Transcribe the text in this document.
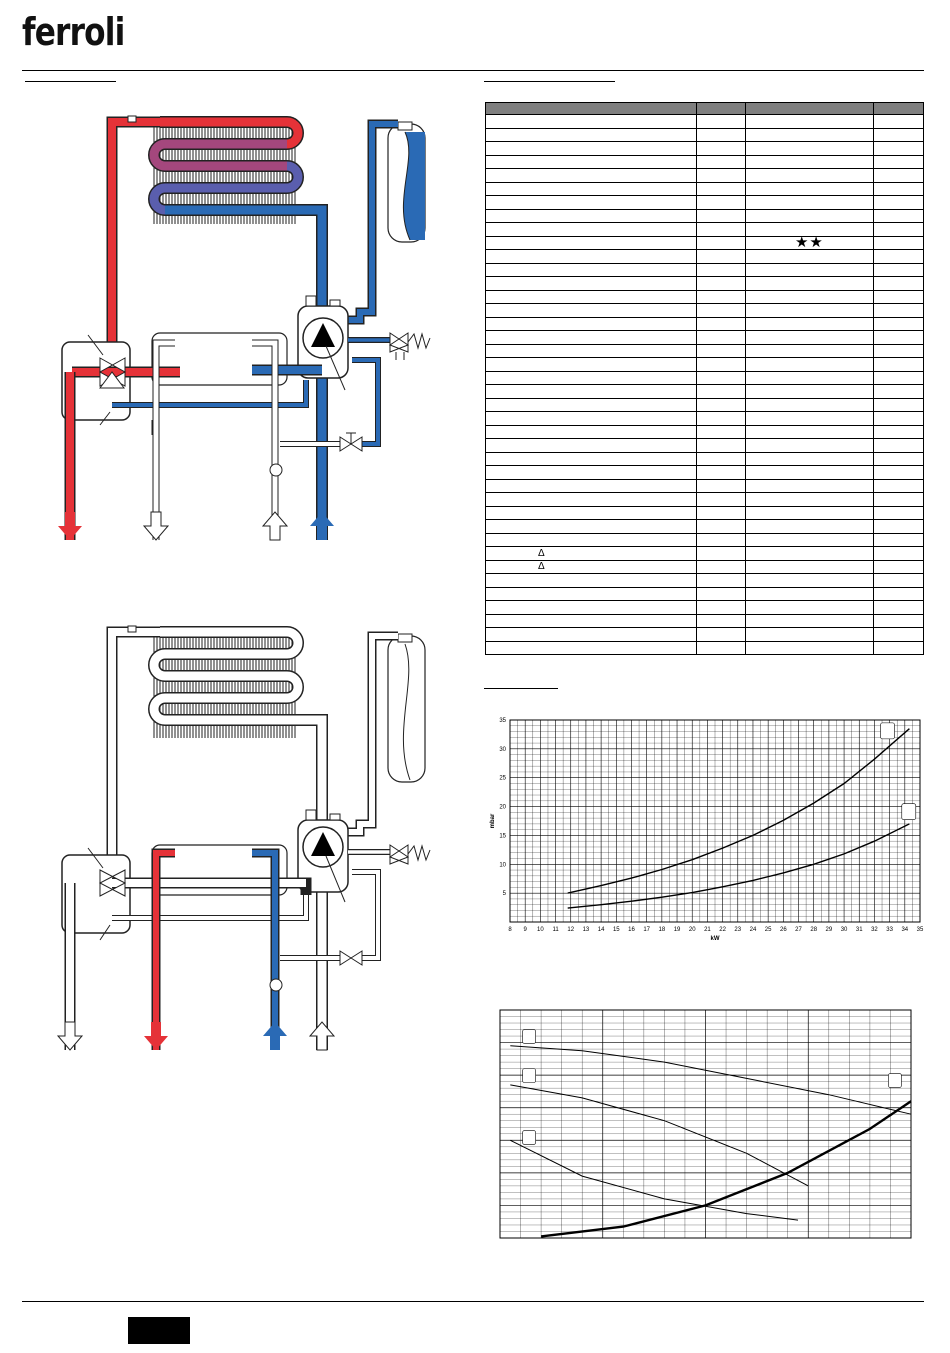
ferroli

		★★	

Δ			
Δ			

8 9 10 11 12 13 14 15 16 17 18 19 20 21 22 23 24 25 26 27 28 29 30 31 32 33 34 35
5
10
15
20
25
30
35
kW
mbar
